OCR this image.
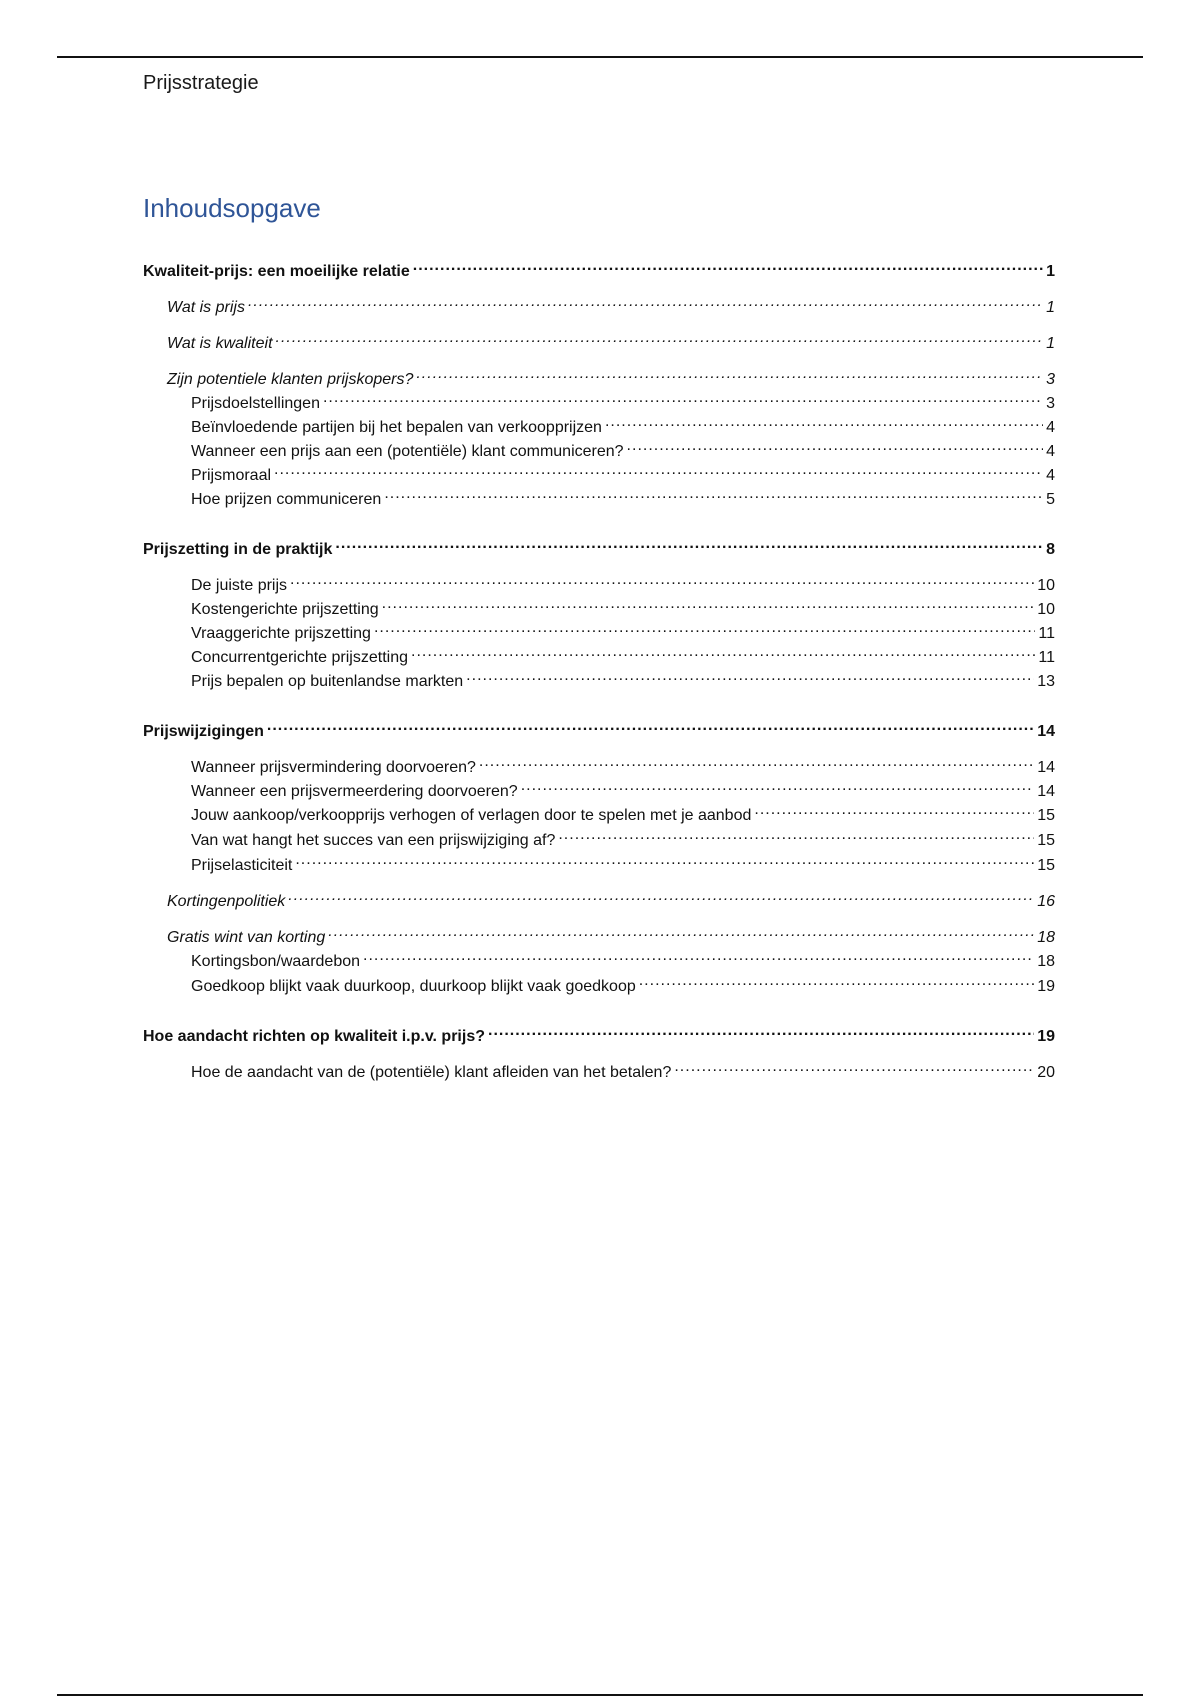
Prijsstrategie
Inhoudsopgave
Kwaliteit-prijs: een moeilijke relatie .....	1
Wat is prijs .....	1
Wat is kwaliteit .....	1
Zijn potentiele klanten prijskopers? .....	3
Prijsdoelstellingen .....	3
Beïnvloedende partijen bij het bepalen van verkoopprijzen .....	4
Wanneer een prijs aan een (potentiële) klant communiceren? .....	4
Prijsmoraal .....	4
Hoe prijzen communiceren .....	5
Prijszetting in de praktijk .....	8
De juiste prijs .....	10
Kostengerichte prijszetting .....	10
Vraaggerichte prijszetting .....	11
Concurrentgerichte prijszetting .....	11
Prijs bepalen op buitenlandse markten .....	13
Prijswijzigingen .....	14
Wanneer prijsvermindering doorvoeren? .....	14
Wanneer een prijsvermeerdering doorvoeren? .....	14
Jouw aankoop/verkoopprijs verhogen of verlagen door te spelen met je aanbod .....	15
Van wat hangt het succes van een prijswijziging af? .....	15
Prijselasticiteit .....	15
Kortingenpolitiek .....	16
Gratis wint van korting .....	18
Kortingsbon/waardebon .....	18
Goedkoop blijkt vaak duurkoop, duurkoop blijkt vaak goedkoop .....	19
Hoe aandacht richten op kwaliteit i.p.v. prijs? .....	19
Hoe de aandacht van de (potentiële) klant afleiden van het betalen? .....	20
